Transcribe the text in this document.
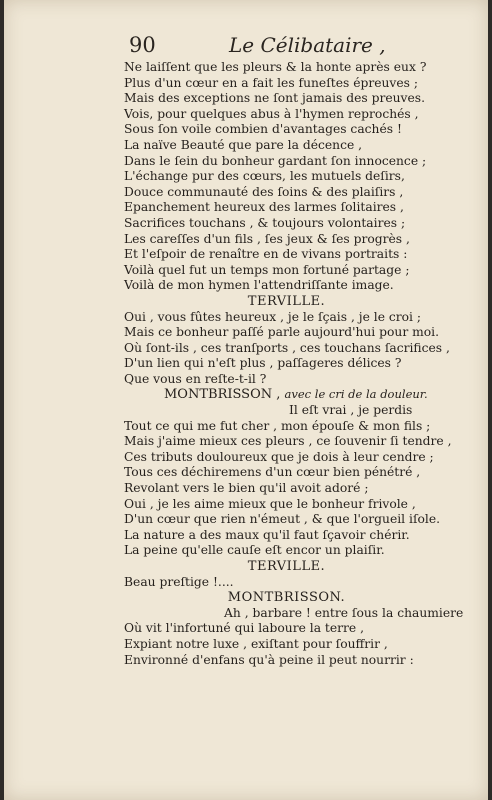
90	Le Célibataire ,
Ne laiſſent que les pleurs & la honte après eux ?
Plus d'un cœur en a fait les funeſtes épreuves ;
Mais des exceptions ne ſont jamais des preuves.
Vois, pour quelques abus à l'hymen reprochés ,
Sous ſon voile combien d'avantages cachés !
La naïve Beauté que pare la décence ,
Dans le ſein du bonheur gardant ſon innocence ;
L'échange pur des cœurs, les mutuels deſirs,
Douce communauté des ſoins & des plaiſirs ,
Epanchement heureux des larmes ſolitaires ,
Sacrifices touchans , & toujours volontaires ;
Les careſſes d'un fils , ſes jeux & ſes progrès ,
Et l'eſpoir de renaître en de vivans portraits :
Voilà quel fut un temps mon fortuné partage ;
Voilà de mon hymen l'attendriſſante image.
TERVILLE.
Oui , vous fûtes heureux , je le ſçais , je le croi ;
Mais ce bonheur paſſé parle aujourd'hui pour moi.
Où ſont-ils , ces tranſports , ces touchans ſacrifices ,
D'un lien qui n'eſt plus , paſſageres délices ?
Que vous en reſte-t-il ?
MONTBRISSON , avec le cri de la douleur.
Il eſt vrai , je perdis
Tout ce qui me fut cher , mon épouſe & mon fils ;
Mais j'aime mieux ces pleurs , ce ſouvenir ſi tendre ,
Ces tributs douloureux que je dois à leur cendre ;
Tous ces déchiremens d'un cœur bien pénétré ,
Revolant vers le bien qu'il avoit adoré ;
Oui , je les aime mieux que le bonheur frivole ,
D'un cœur que rien n'émeut , & que l'orgueil iſole.
La nature a des maux qu'il faut ſçavoir chérir.
La peine qu'elle cauſe eſt encor un plaiſir.
TERVILLE.
Beau preſtige !....
MONTBRISSON.
Ah , barbare ! entre ſous la chaumiere
Où vit l'infortuné qui laboure la terre ,
Expiant notre luxe , exiſtant pour ſouffrir ,
Environné d'enfans qu'à peine il peut nourrir :
